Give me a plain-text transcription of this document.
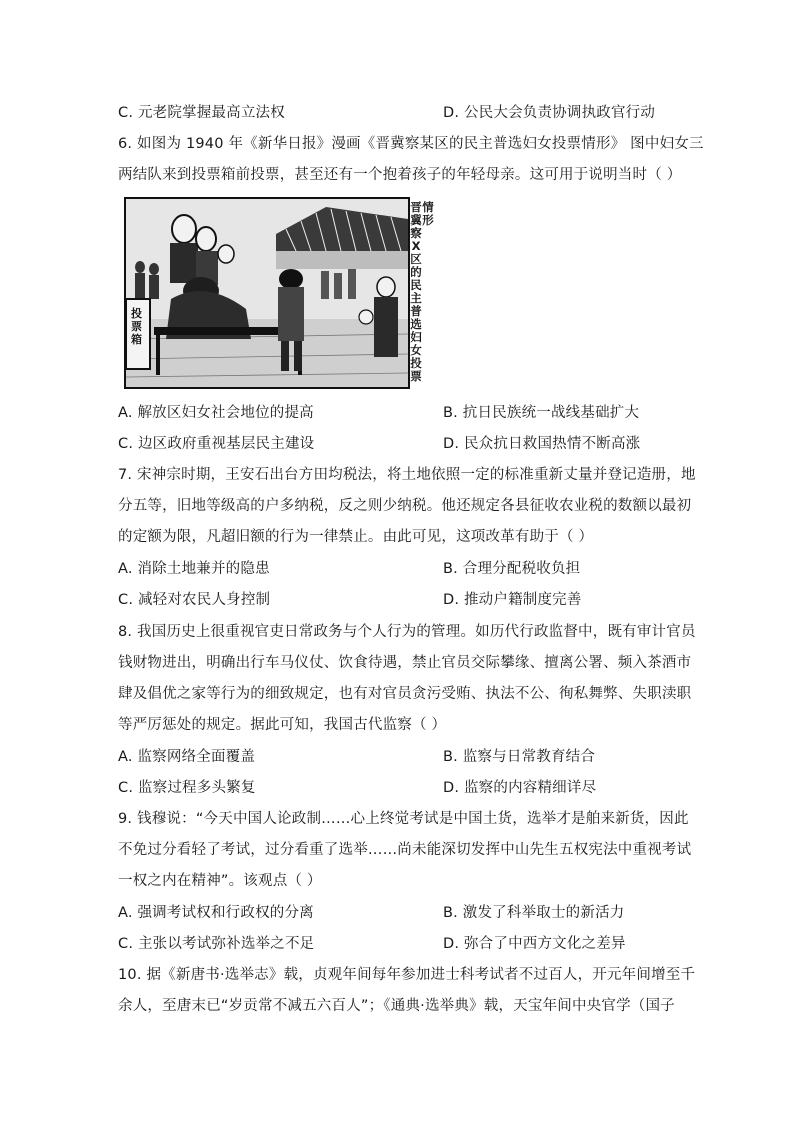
C. 元老院掌握最高立法权	D. 公民大会负责协调执政官行动
6. 如图为 1940 年《新华日报》漫画《晋冀察某区的民主普选妇女投票情形》 图中妇女三
两结队来到投票箱前投票，甚至还有一个抱着孩子的年轻母亲。这可用于说明当时（ ）
投票箱
情形
晋冀察X区的民主普选妇女投票
A. 解放区妇女社会地位的提高	B. 抗日民族统一战线基础扩大
C. 边区政府重视基层民主建设	D. 民众抗日救国热情不断高涨
7. 宋神宗时期，王安石出台方田均税法，将土地依照一定的标准重新丈量并登记造册，地
分五等，旧地等级高的户多纳税，反之则少纳税。他还规定各县征收农业税的数额以最初
的定额为限，凡超旧额的行为一律禁止。由此可见，这项改革有助于（ ）
A. 消除土地兼并的隐患	B. 合理分配税收负担
C. 减轻对农民人身控制	D. 推动户籍制度完善
8. 我国历史上很重视官吏日常政务与个人行为的管理。如历代行政监督中，既有审计官员
钱财物进出，明确出行车马仪仗、饮食待遇，禁止官员交际攀缘、擅离公署、频入茶酒市
肆及倡优之家等行为的细致规定，也有对官员贪污受贿、执法不公、徇私舞弊、失职渎职
等严厉惩处的规定。据此可知，我国古代监察（ ）
A. 监察网络全面覆盖	B. 监察与日常教育结合
C. 监察过程多头繁复	D. 监察的内容精细详尽
9. 钱穆说：“今天中国人论政制……心上终觉考试是中国土货，选举才是舶来新货，因此
不免过分看轻了考试，过分看重了选举……尚未能深切发挥中山先生五权宪法中重视考试
一权之内在精神”。该观点（ ）
A. 强调考试权和行政权的分离	B. 激发了科举取士的新活力
C. 主张以考试弥补选举之不足	D. 弥合了中西方文化之差异
10. 据《新唐书·选举志》载，贞观年间每年参加进士科考试者不过百人，开元年间增至千
余人，至唐末已“岁贡常不减五六百人”；《通典·选举典》载，天宝年间中央官学（国子
